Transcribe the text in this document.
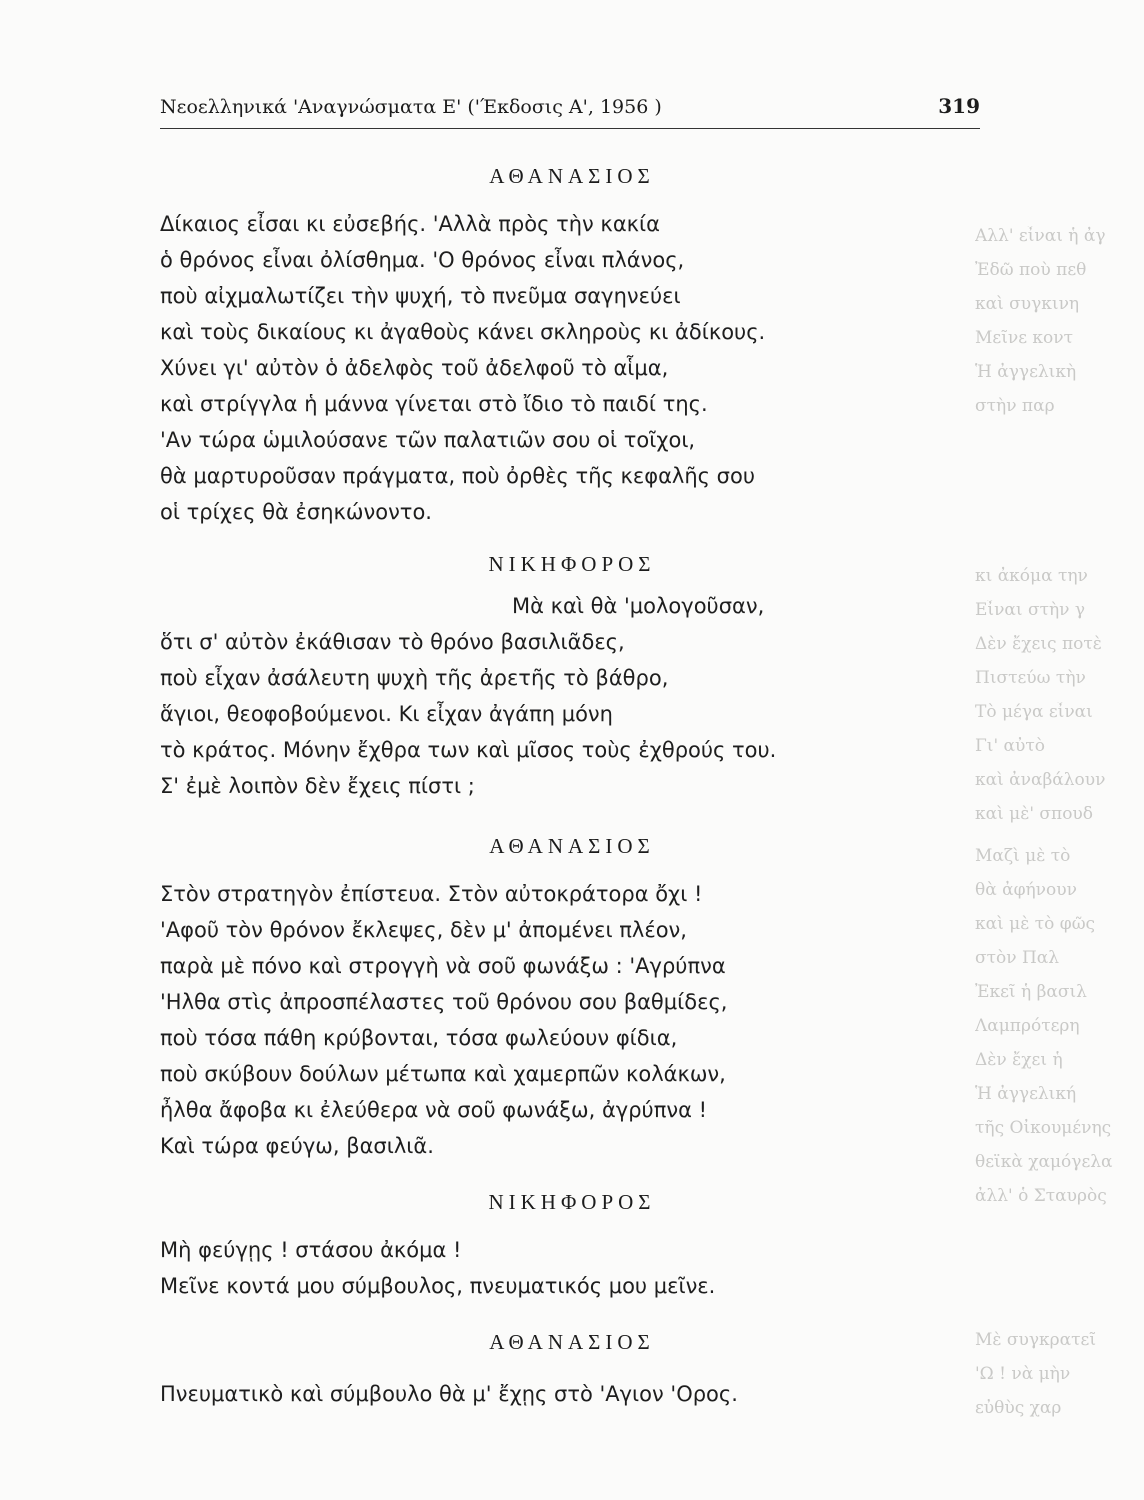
Νεοελληνικά 'Αναγνώσματα Ε' ('Έκδοσις Α', 1956 )	319
Αλλ' εἶναι ἡ ἀγ
Ἐδῶ ποὺ πεθ
καὶ συγκινη
Μεῖνε κοντ
Ἡ ἀγγελικὴ
στὴν παρ
κι ἀκόμα την
Εἶναι στὴν γ
Δὲν ἔχεις ποτὲ
Πιστεύω τὴν
Τὸ μέγα εἶναι
Γι' αὐτὸ
καὶ ἀναβάλουν
καὶ μὲ' σπουδ
Μαζὶ μὲ τὸ
θὰ ἀφήνουν
καὶ μὲ τὸ φῶς
στὸν Παλ
Ἐκεῖ ἡ βασιλ
Λαμπρότερη
Δὲν ἔχει ἡ
Ἡ ἀγγελική
τῆς Οἰκουμένης
θεϊκὰ χαμόγελα
ἀλλ' ὁ Σταυρὸς
Μὲ συγκρατεῖ
'Ω ! νὰ μὴν
εὐθὺς χαρ
ΑΘΑΝΑΣΙΟΣ
Δίκαιος εἶσαι κι εὐσεβής. 'Αλλὰ πρὸς τὴν κακία
ὁ θρόνος εἶναι ὀλίσθημα. 'Ο θρόνος εἶναι πλάνος,
ποὺ αἰχμαλωτίζει τὴν ψυχή, τὸ πνεῦμα σαγηνεύει
καὶ τοὺς δικαίους κι ἀγαθοὺς κάνει σκληροὺς κι ἀδίκους.
Χύνει γι' αὐτὸν ὁ ἀδελφὸς τοῦ ἀδελφοῦ τὸ αἷμα,
καὶ στρίγγλα ἡ μάννα γίνεται στὸ ἴδιο τὸ παιδί της.
'Αν τώρα ὡμιλούσανε τῶν παλατιῶν σου οἱ τοῖχοι,
θὰ μαρτυροῦσαν πράγματα, ποὺ ὀρθὲς τῆς κεφαλῆς σου
οἱ τρίχες θὰ ἐσηκώνοντο.
ΝΙΚΗΦΟΡΟΣ
Μὰ καὶ θὰ 'μολογοῦσαν,
ὅτι σ' αὐτὸν ἐκάθισαν τὸ θρόνο βασιλιᾶδες,
ποὺ εἶχαν ἀσάλευτη ψυχὴ τῆς ἀρετῆς τὸ βάθρο,
ἅγιοι, θεοφοβούμενοι. Κι εἶχαν ἀγάπη μόνη
τὸ κράτος. Μόνην ἔχθρα των καὶ μῖσος τοὺς ἐχθρούς του.
Σ' ἐμὲ λοιπὸν δὲν ἔχεις πίστι ;
ΑΘΑΝΑΣΙΟΣ
Στὸν στρατηγὸν ἐπίστευα. Στὸν αὐτοκράτορα ὄχι !
'Αφοῦ τὸν θρόνον ἔκλεψες, δὲν μ' ἀπομένει πλέον,
παρὰ μὲ πόνο καὶ στρογγὴ νὰ σοῦ φωνάξω : 'Αγρύπνα
'Ηλθα στὶς ἀπροσπέλαστες τοῦ θρόνου σου βαθμίδες,
ποὺ τόσα πάθη κρύβονται, τόσα φωλεύουν φίδια,
ποὺ σκύβουν δούλων μέτωπα καὶ χαμερπῶν κολάκων,
ἦλθα ἄφοβα κι ἐλεύθερα νὰ σοῦ φωνάξω, ἀγρύπνα !
Καὶ τώρα φεύγω, βασιλιᾶ.
ΝΙΚΗΦΟΡΟΣ
Μὴ φεύγῃς ! στάσου ἀκόμα !
Μεῖνε κοντά μου σύμβουλος, πνευματικός μου μεῖνε.
ΑΘΑΝΑΣΙΟΣ
Πνευματικὸ καὶ σύμβουλο θὰ μ' ἔχῃς στὸ 'Αγιον 'Ορος.
